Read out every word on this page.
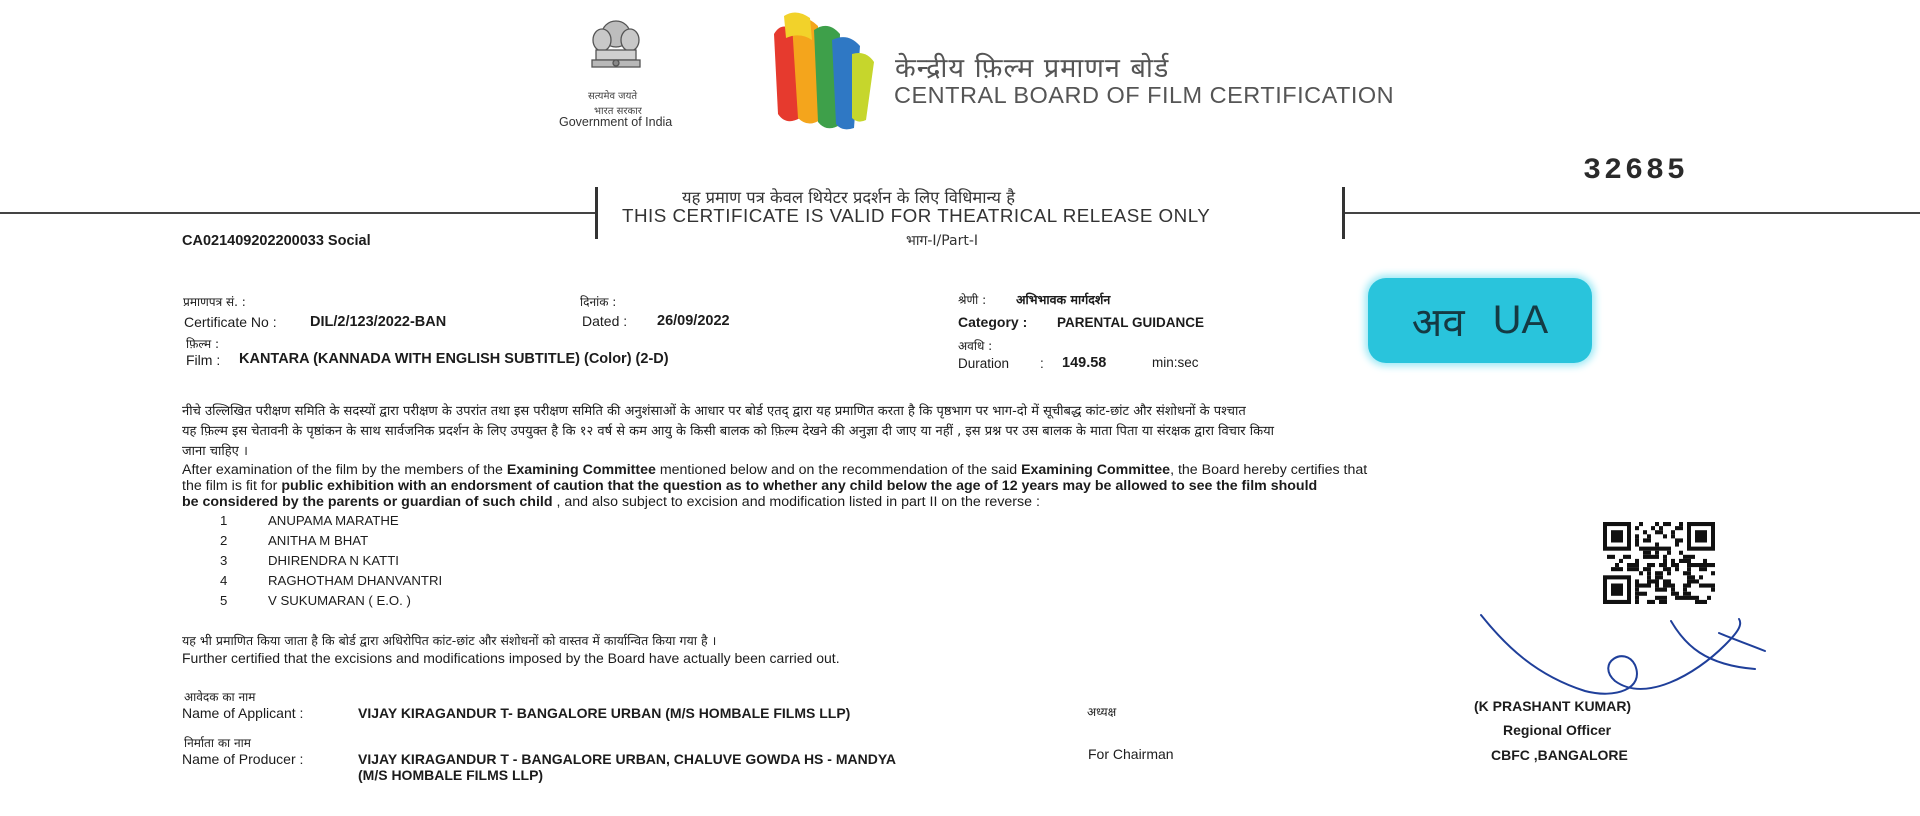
सत्यमेव जयते
भारत सरकार
Government of India
केन्द्रीय फ़िल्म प्रमाणन बोर्ड
CENTRAL BOARD OF FILM CERTIFICATION
32685
यह प्रमाण पत्र केवल थियेटर प्रदर्शन के लिए विधिमान्य है
THIS CERTIFICATE IS VALID FOR THEATRICAL RELEASE ONLY
भाग-I/Part-I
CA021409202200033 Social
प्रमाणपत्र सं. :
Certificate No : DIL/2/123/2022-BAN
दिनांक :
Dated : 26/09/2022
श्रेणी : अभिभावक मार्गदर्शन
Category : PARENTAL GUIDANCE
फ़िल्म :
Film : KANTARA (KANNADA WITH ENGLISH SUBTITLE) (Color) (2-D)
अवधि :
Duration : 149.58	min:sec
अव UA
नीचे उल्लिखित परीक्षण समिति के सदस्यों द्वारा परीक्षण के उपरांत तथा इस परीक्षण समिति की अनुशंसाओं के आधार पर बोर्ड एतद् द्वारा यह प्रमाणित करता है कि पृष्ठभाग पर भाग-दो में सूचीबद्ध कांट-छांट और संशोधनों के पश्चात
यह फ़िल्म इस चेतावनी के पृष्ठांकन के साथ सार्वजनिक प्रदर्शन के लिए उपयुक्त है कि १२ वर्ष से कम आयु के किसी बालक को फ़िल्म देखने की अनुज्ञा दी जाए या नहीं , इस प्रश्न पर उस बालक के माता पिता या संरक्षक द्वारा विचार किया
जाना चाहिए ।
After examination of the film by the members of the Examining Committee mentioned below and on the recommendation of the said Examining Committee, the Board hereby certifies that
the film is fit for public exhibition with an endorsment of caution that the question as to whether any child below the age of 12 years may be allowed to see the film should
be considered by the parents or guardian of such child , and also subject to excision and modification listed in part II on the reverse :
1	ANUPAMA MARATHE
2	ANITHA M BHAT
3	DHIRENDRA N KATTI
4	RAGHOTHAM DHANVANTRI
5	V SUKUMARAN ( E.O. )
यह भी प्रमाणित किया जाता है कि बोर्ड द्वारा अधिरोपित कांट-छांट और संशोधनों को वास्तव में कार्यान्वित किया गया है ।
Further certified that the excisions and modifications imposed by the Board have actually been carried out.
आवेदक का नाम
Name of Applicant :	VIJAY KIRAGANDUR T- BANGALORE URBAN (M/S HOMBALE FILMS LLP)
निर्माता का नाम
Name of Producer :	VIJAY KIRAGANDUR T - BANGALORE URBAN, CHALUVE GOWDA HS - MANDYA
(M/S HOMBALE FILMS LLP)
अध्यक्ष
For Chairman
(K PRASHANT KUMAR)
Regional Officer
CBFC ,BANGALORE
